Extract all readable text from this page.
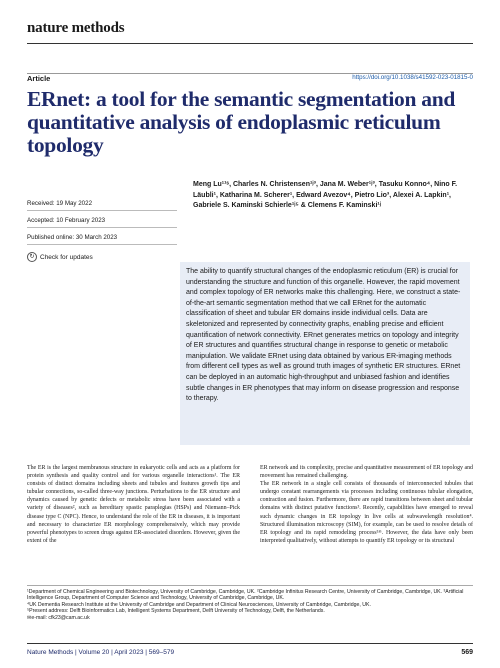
nature methods
Article	https://doi.org/10.1038/s41592-023-01815-0
ERnet: a tool for the semantic segmentation and quantitative analysis of endoplasmic reticulum topology
Received: 19 May 2022
Accepted: 10 February 2023
Published online: 30 March 2023
↻ Check for updates
Meng Lu¹¹ˢ, Charles N. Christensen¹ʲ³, Jana M. Weber¹ʲ³, Tasuku Konno⁴, Nino F. Läubli¹, Katharina M. Scherer¹, Edward Avezov⁴, Pietro Lio³, Alexei A. Lapkin¹, Gabriele S. Kaminski Schierle¹ʲ⁵ & Clemens F. Kaminski¹ʲ
The ability to quantify structural changes of the endoplasmic reticulum (ER) is crucial for understanding the structure and function of this organelle. However, the rapid movement and complex topology of ER networks make this challenging. Here, we construct a state-of-the-art semantic segmentation method that we call ERnet for the automatic classification of sheet and tubular ER domains inside individual cells. Data are skeletonized and represented by connectivity graphs, enabling precise and efficient quantification of network connectivity. ERnet generates metrics on topology and integrity of ER structures and quantifies structural change in response to genetic or metabolic manipulation. We validate ERnet using data obtained by various ER-imaging methods from different cell types as well as ground truth images of synthetic ER structures. ERnet can be deployed in an automatic high-throughput and unbiased fashion and identifies subtle changes in ER phenotypes that may inform on disease progression and response to therapy.
The ER is the largest membranous structure in eukaryotic cells and acts as a platform for protein synthesis and quality control and for various organelle interactions¹. The ER consists of distinct domains including sheets and tubules and features growth tips and tubular connections, so-called three-way junctions. Perturbations to the ER structure and dynamics caused by genetic defects or metabolic stress have been associated with a variety of diseases², such as hereditary spastic paraplegias (HSPs) and Niemann–Pick disease type C (NPC). Hence, to understand the role of the ER in diseases, it is important and necessary to characterize ER morphology comprehensively, which may provide powerful phenotypes to screen drugs against ER-associated disorders. However, given the extent of the
ER network and its complexity, precise and quantitative measurement of ER topology and movement has remained challenging.
The ER network in a single cell consists of thousands of interconnected tubules that undergo constant rearrangements via processes including continuous tubular elongation, contraction and fusion. Furthermore, there are rapid transitions between sheet and tubular domains with distinct putative functions³. Recently, capabilities have emerged to reveal such dynamic changes in ER topology in live cells at subwavelength resolution⁴. Structured illumination microscopy (SIM), for example, can be used to resolve details of ER topology and its rapid remodeling process⁵ʲ⁶. However, the data have only been interpreted qualitatively, without attempts to quantify ER topology or its structural
¹Department of Chemical Engineering and Biotechnology, University of Cambridge, Cambridge, UK. ²Cambridge Infinitus Research Centre, University of Cambridge, Cambridge, UK. ³Artificial Intelligence Group, Department of Computer Science and Technology, University of Cambridge, Cambridge, UK.
⁴UK Dementia Research Institute at the University of Cambridge and Department of Clinical Neurosciences, University of Cambridge, Cambridge, UK.
⁵Present address: Delft Bioinformatics Lab, Intelligent Systems Department, Delft University of Technology, Delft, the Netherlands.
✉e-mail: cfk23@cam.ac.uk
Nature Methods | Volume 20 | April 2023 | 569–579	569
